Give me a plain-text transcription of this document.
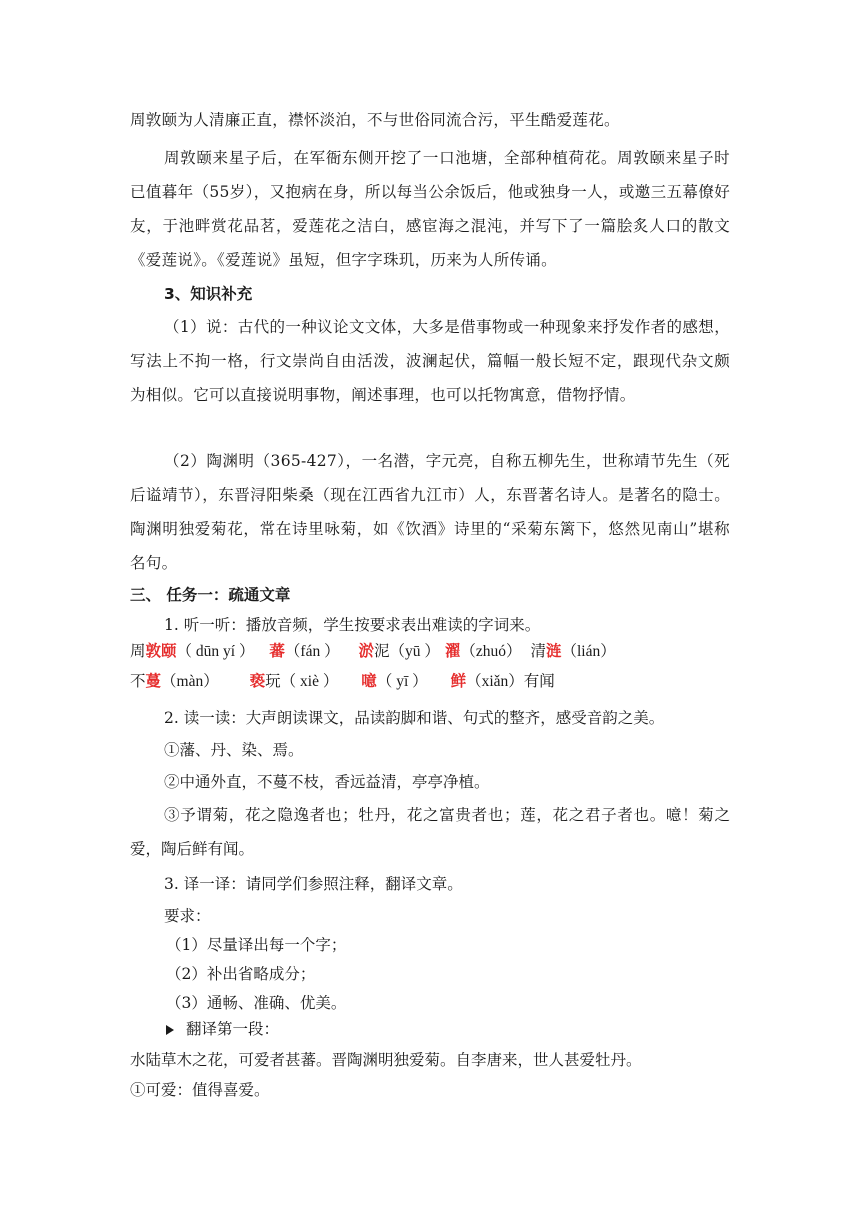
周敦颐为人清廉正直，襟怀淡泊，不与世俗同流合污，平生酷爱莲花。
周敦颐来星子后，在军衙东侧开挖了一口池塘，全部种植荷花。周敦颐来星子时已值暮年（55岁），又抱病在身，所以每当公余饭后，他或独身一人，或邀三五幕僚好友，于池畔赏花品茗，爱莲花之洁白，感宦海之混沌，并写下了一篇脍炙人口的散文《爱莲说》。《爱莲说》虽短，但字字珠玑，历来为人所传诵。
3、知识补充
（1）说：古代的一种议论文文体，大多是借事物或一种现象来抒发作者的感想，写法上不拘一格，行文崇尚自由活泼，波澜起伏，篇幅一般长短不定，跟现代杂文颇为相似。它可以直接说明事物，阐述事理，也可以托物寓意，借物抒情。
（2）陶渊明（365-427），一名潜，字元亮，自称五柳先生，世称靖节先生（死后谥靖节），东晋浔阳柴桑（现在江西省九江市）人，东晋著名诗人。是著名的隐士。陶渊明独爱菊花，常在诗里咏菊，如《饮酒》诗里的“采菊东篱下，悠然见南山”堪称名句。
三、 任务一：疏通文章
1. 听一听：播放音频，学生按要求表出难读的字词来。
周敦颐（ dūn yí ） 蕃（fán ） 淤泥（yū ） 濯（zhuó） 清涟（lián）
不蔓（màn） 亵玩（ xiè ） 噫（ yī ） 鲜（xiǎn）有闻
2. 读一读：大声朗读课文，品读韵脚和谐、句式的整齐，感受音韵之美。
①藩、丹、染、焉。
②中通外直，不蔓不枝，香远益清，亭亭净植。
③予谓菊，花之隐逸者也；牡丹，花之富贵者也；莲，花之君子者也。噫！菊之爱，陶后鲜有闻。
3. 译一译：请同学们参照注释，翻译文章。
要求：
（1）尽量译出每一个字；
（2）补出省略成分；
（3）通畅、准确、优美。
翻译第一段：
水陆草木之花，可爱者甚蕃。晋陶渊明独爱菊。自李唐来，世人甚爱牡丹。
①可爱：值得喜爱。
